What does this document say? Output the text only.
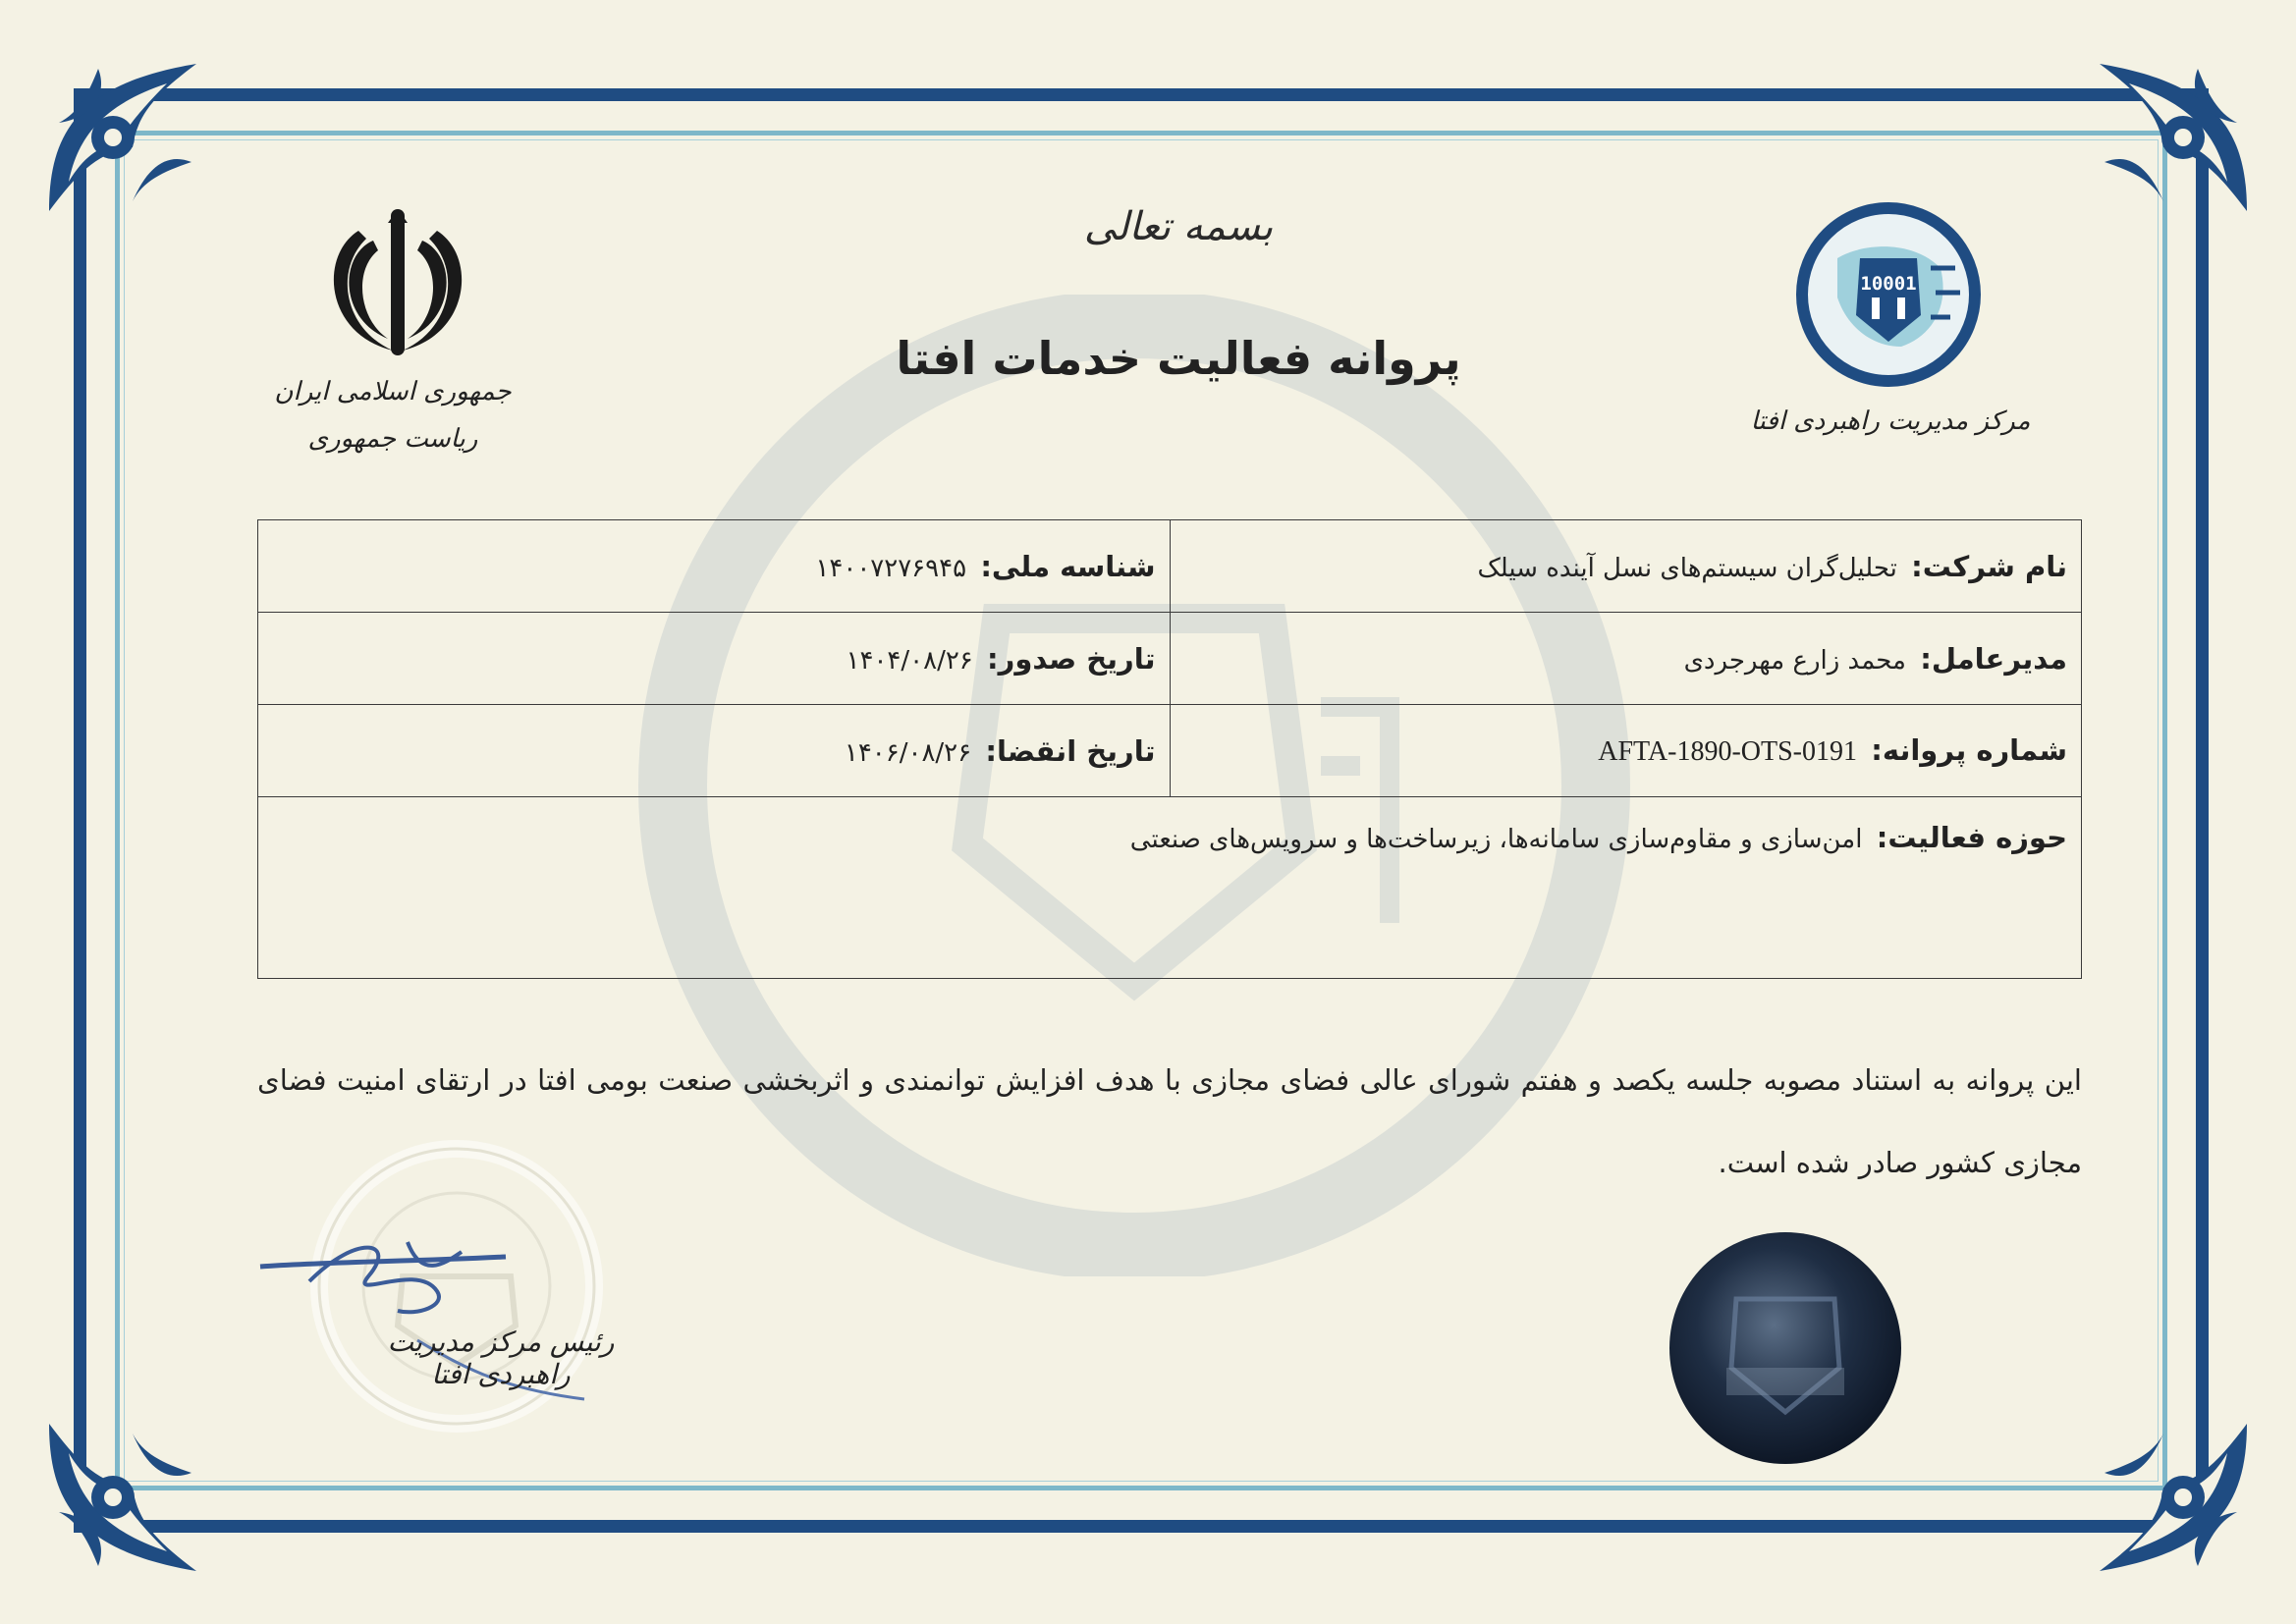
بسمه تعالی
پروانه فعالیت خدمات افتا
جمهوری اسلامی ایران
ریاست جمهوری
10001
مرکز مدیریت راهبردی افتا
نام شرکت: تحلیل‌گران سیستم‌های نسل آینده سیلک	شناسه ملی: ۱۴۰۰۷۲۷۶۹۴۵
مدیرعامل: محمد زارع مهرجردی	تاریخ صدور: ۱۴۰۴/۰۸/۲۶
شماره پروانه: AFTA-1890-OTS-0191	تاریخ انقضا: ۱۴۰۶/۰۸/۲۶
حوزه فعالیت: امن‌سازی و مقاوم‌سازی سامانه‌ها، زیرساخت‌ها و سرویس‌های صنعتی	
این پروانه به استناد مصوبه جلسه یکصد و هفتم شورای عالی فضای مجازی با هدف افزایش توانمندی و اثربخشی صنعت بومی افتا در ارتقای امنیت فضای مجازی کشور صادر شده است.
رئیس مرکز مدیریت راهبردی افتا
